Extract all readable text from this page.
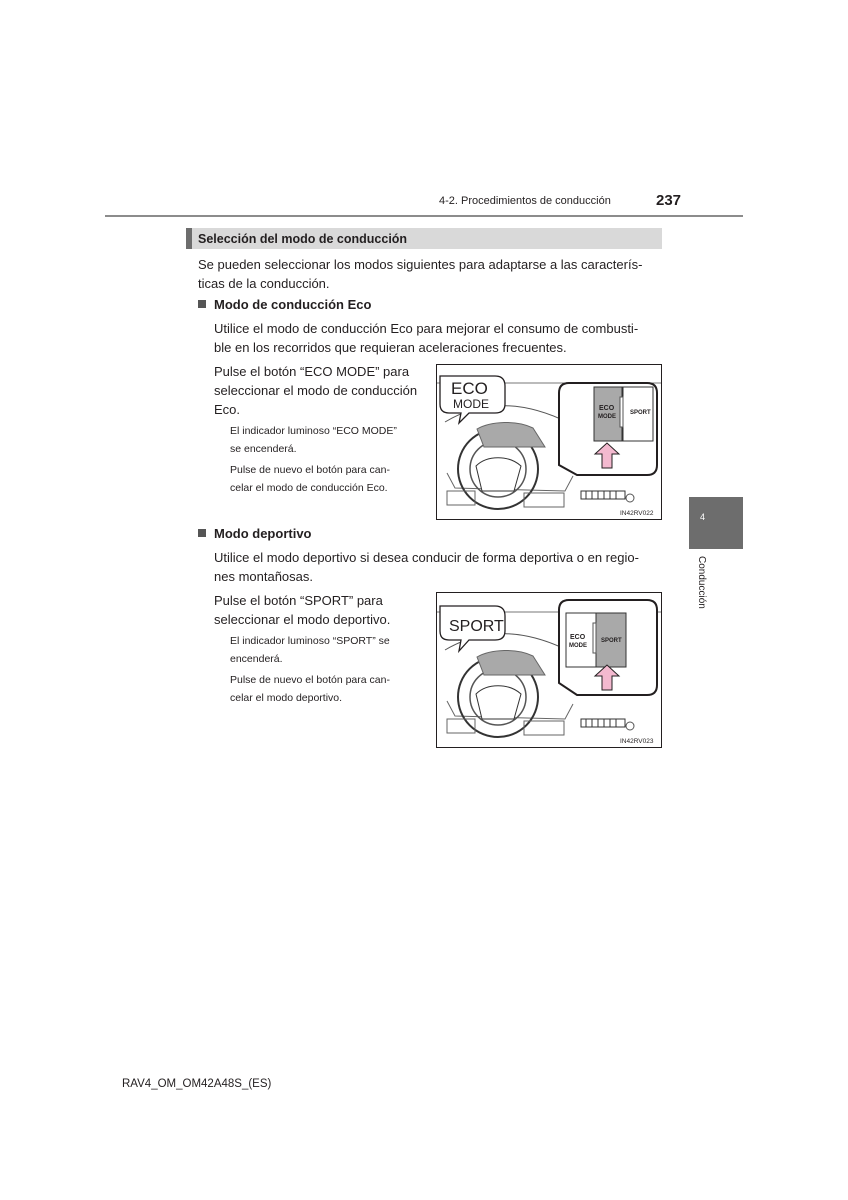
4-2. Procedimientos de conducción	237
Selección del modo de conducción
Se pueden seleccionar los modos siguientes para adaptarse a las caracterís-
ticas de la conducción.
Modo de conducción Eco
Utilice el modo de conducción Eco para mejorar el consumo de combusti-
ble en los recorridos que requieran aceleraciones frecuentes.
Pulse el botón “ECO MODE” para
seleccionar el modo de conducción
Eco.
El indicador luminoso “ECO MODE”
se encenderá.
Pulse de nuevo el botón para can-
celar el modo de conducción Eco.
ECO
MODE	ECO
MODE
SPORT
IN42RV022
Modo deportivo
Utilice el modo deportivo si desea conducir de forma deportiva o en regio-
nes montañosas.
Pulse el botón “SPORT” para
seleccionar el modo deportivo.
El indicador luminoso “SPORT” se
encenderá.
Pulse de nuevo el botón para can-
celar el modo deportivo.
SPORT
ECO
MODE
SPORT
IN42RV023
4
Conducción
RAV4_OM_OM42A48S_(ES)
